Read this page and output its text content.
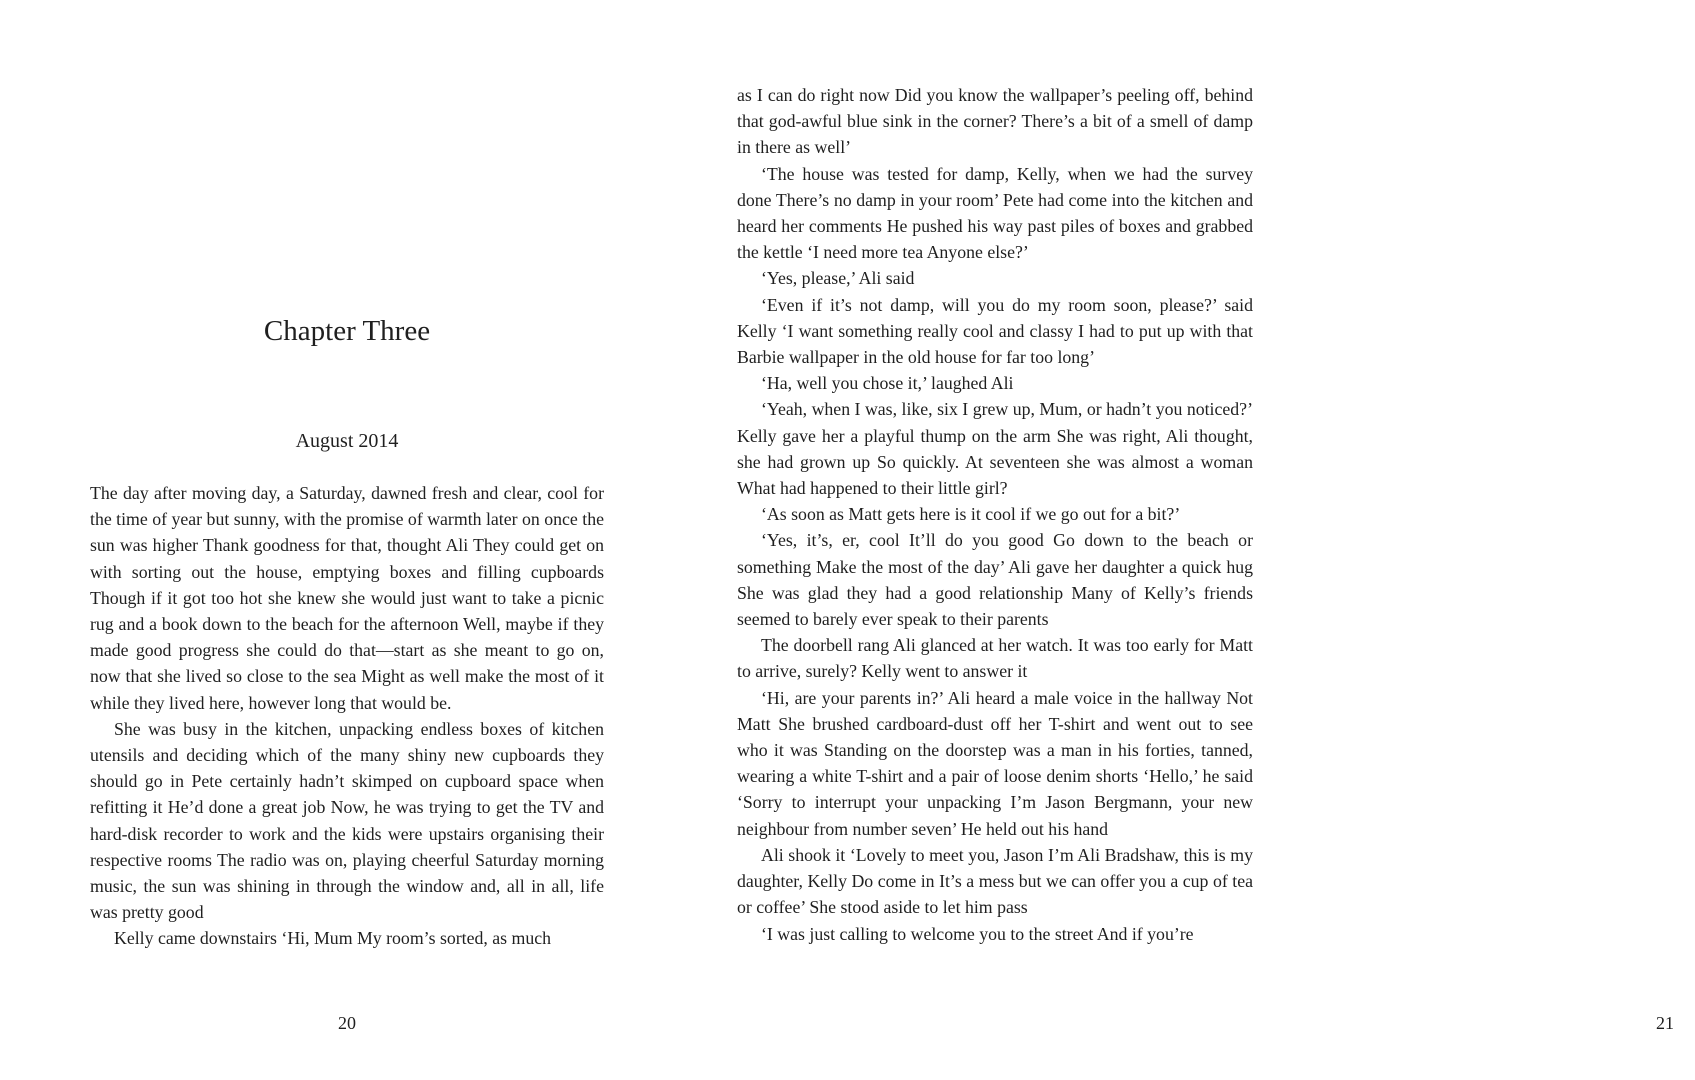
Chapter Three
August 2014

The day after moving day, a Saturday, dawned fresh and clear, cool for the time of year but sunny, with the promise of warmth later on once the sun was higher Thank goodness for that, thought Ali They could get on with sorting out the house, emptying boxes and filling cupboards Though if it got too hot she knew she would just want to take a picnic rug and a book down to the beach for the afternoon Well, maybe if they made good progress she could do that—start as she meant to go on, now that she lived so close to the sea Might as well make the most of it while they lived here, however long that would be.

She was busy in the kitchen, unpacking endless boxes of kitchen utensils and deciding which of the many shiny new cupboards they should go in Pete certainly hadn’t skimped on cupboard space when refitting it He’d done a great job Now, he was trying to get the TV and hard-disk recorder to work and the kids were upstairs organising their respective rooms The radio was on, playing cheerful Saturday morning music, the sun was shining in through the window and, all in all, life was pretty good

Kelly came downstairs ‘Hi, Mum My room’s sorted, as much

20

as I can do right now Did you know the wallpaper’s peeling off, behind that god-awful blue sink in the corner? There’s a bit of a smell of damp in there as well’

‘The house was tested for damp, Kelly, when we had the survey done There’s no damp in your room’ Pete had come into the kitchen and heard her comments He pushed his way past piles of boxes and grabbed the kettle ‘I need more tea Anyone else?’

‘Yes, please,’ Ali said

‘Even if it’s not damp, will you do my room soon, please?’ said Kelly ‘I want something really cool and classy I had to put up with that Barbie wallpaper in the old house for far too long’

‘Ha, well you chose it,’ laughed Ali

‘Yeah, when I was, like, six I grew up, Mum, or hadn’t you noticed?’ Kelly gave her a playful thump on the arm She was right, Ali thought, she had grown up So quickly. At seventeen she was almost a woman What had happened to their little girl?

‘As soon as Matt gets here is it cool if we go out for a bit?’

‘Yes, it’s, er, cool It’ll do you good Go down to the beach or something Make the most of the day’ Ali gave her daughter a quick hug She was glad they had a good relationship Many of Kelly’s friends seemed to barely ever speak to their parents

The doorbell rang Ali glanced at her watch. It was too early for Matt to arrive, surely? Kelly went to answer it

‘Hi, are your parents in?’ Ali heard a male voice in the hallway Not Matt She brushed cardboard-dust off her T-shirt and went out to see who it was Standing on the doorstep was a man in his forties, tanned, wearing a white T-shirt and a pair of loose denim shorts ‘Hello,’ he said ‘Sorry to interrupt your unpacking I’m Jason Bergmann, your new neighbour from number seven’ He held out his hand

Ali shook it ‘Lovely to meet you, Jason I’m Ali Bradshaw, this is my daughter, Kelly Do come in It’s a mess but we can offer you a cup of tea or coffee’ She stood aside to let him pass

‘I was just calling to welcome you to the street And if you’re

21
